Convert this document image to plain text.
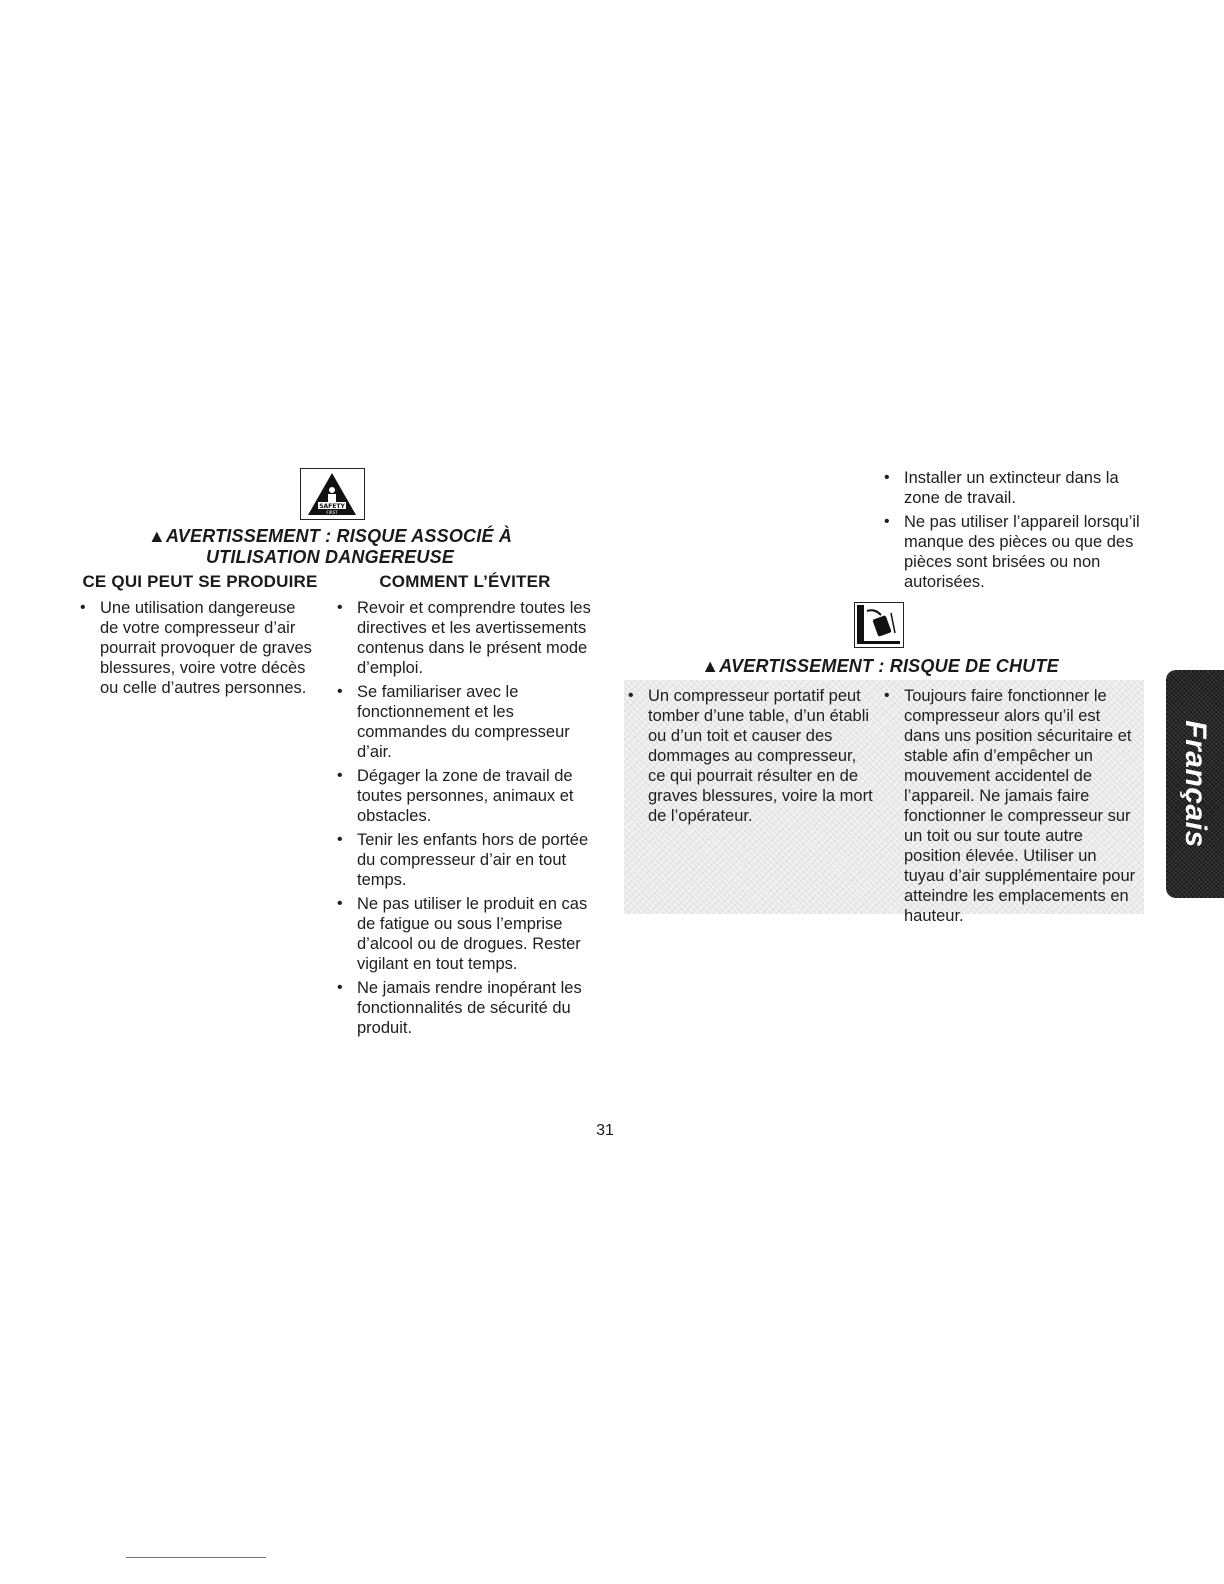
SAFETY
FIRST
▲AVERTISSEMENT : RISQUE ASSOCIÉ À
UTILISATION DANGEREUSE
CE QUI PEUT SE PRODUIRE	COMMENT L’ÉVITER
• Une utilisation dangereuse de votre compresseur d’air pourrait provoquer de graves blessures, voire votre décès ou celle d’autres personnes.
• Revoir et comprendre toutes les directives et les avertissements contenus dans le présent mode d’emploi.
• Se familiariser avec le fonctionnement et les commandes du compresseur d’air.
• Dégager la zone de travail de toutes personnes, animaux et obstacles.
• Tenir les enfants hors de portée du compresseur d’air en tout temps.
• Ne pas utiliser le produit en cas de fatigue ou sous l’emprise d’alcool ou de drogues. Rester vigilant en tout temps.
• Ne jamais rendre inopérant les fonctionnalités de sécurité du produit.
• Installer un extincteur dans la zone de travail.
• Ne pas utiliser l’appareil lorsqu’il manque des pièces ou que des pièces sont brisées ou non autorisées.
▲AVERTISSEMENT : RISQUE DE CHUTE
• Un compresseur portatif peut tomber d’une table, d’un établi ou d’un toit et causer des dommages au compresseur, ce qui pourrait résulter en de graves blessures, voire la mort de l’opérateur.
• Toujours faire fonctionner le compresseur alors qu’il est dans uns position sécuritaire et stable afin d’empêcher un mouvement accidentel de l’appareil. Ne jamais faire fonctionner le compresseur sur un toit ou sur toute autre position élevée. Utiliser un tuyau d’air supplémentaire pour atteindre les emplacements en hauteur.
Français
31
